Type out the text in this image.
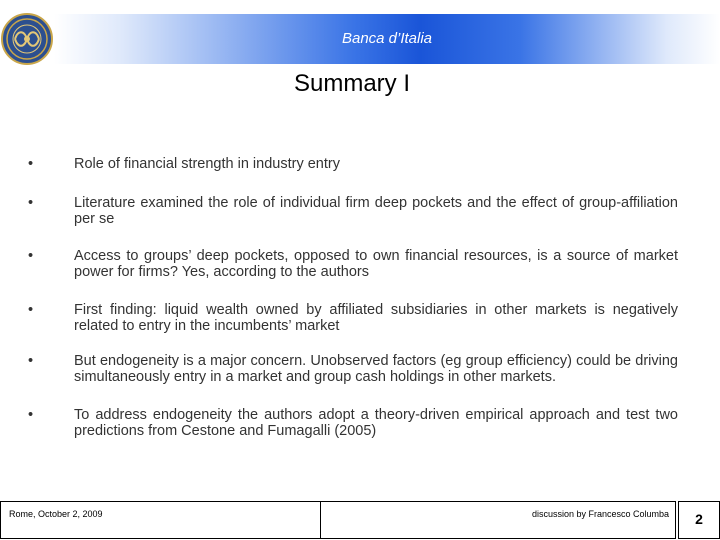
Banca d’Italia
Summary I
•	Role of financial strength in industry entry
•	Literature examined the role of individual firm deep pockets and the effect of group-affiliation per se
•	Access to groups’ deep pockets, opposed to own financial resources, is a source of market power for firms? Yes, according to the authors
•	First finding: liquid wealth owned by affiliated subsidiaries in other markets is negatively related to entry in the incumbents’ market
•	But endogeneity is a major concern. Unobserved factors (eg group efficiency) could be driving simultaneously entry in a market and group cash holdings in other markets.
•	To address endogeneity the authors adopt a theory-driven empirical approach and test two predictions from Cestone and Fumagalli (2005)
Rome, October 2, 2009	discussion by Francesco Columba	2
